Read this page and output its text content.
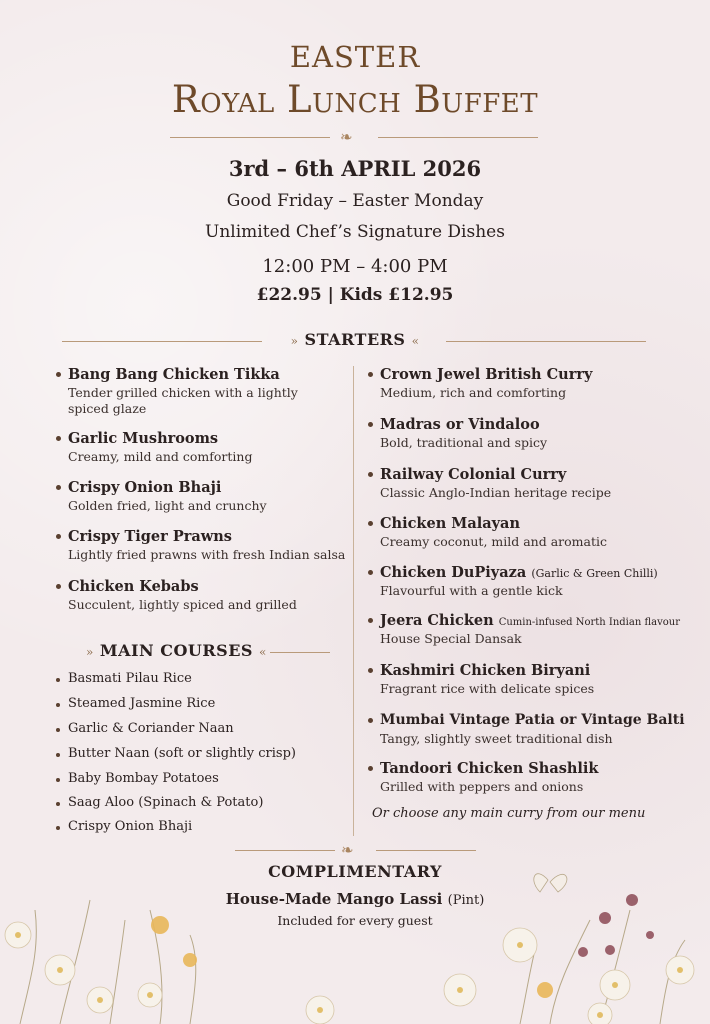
EASTER
Royal Lunch Buffet
❧
3rd – 6th APRIL 2026
Good Friday – Easter Monday
Unlimited Chef’s Signature Dishes
12:00 PM – 4:00 PM
£22.95 | Kids £12.95
» STARTERS «
Bang Bang Chicken Tikka
Tender grilled chicken with a lightly spiced glaze
Garlic Mushrooms
Creamy, mild and comforting
Crispy Onion Bhaji
Golden fried, light and crunchy
Crispy Tiger Prawns
Lightly fried prawns with fresh Indian salsa
Chicken Kebabs
Succulent, lightly spiced and grilled
» MAIN COURSES «
Basmati Pilau Rice
Steamed Jasmine Rice
Garlic & Coriander Naan
Butter Naan (soft or slightly crisp)
Baby Bombay Potatoes
Saag Aloo (Spinach & Potato)
Crispy Onion Bhaji
Crown Jewel British Curry
Medium, rich and comforting
Madras or Vindaloo
Bold, traditional and spicy
Railway Colonial Curry
Classic Anglo-Indian heritage recipe
Chicken Malayan
Creamy coconut, mild and aromatic
Chicken DuPiyaza (Garlic & Green Chilli)
Flavourful with a gentle kick
Jeera Chicken Cumin-infused North Indian flavour
House Special Dansak
Kashmiri Chicken Biryani
Fragrant rice with delicate spices
Mumbai Vintage Patia or Vintage Balti
Tangy, slightly sweet traditional dish
Tandoori Chicken Shashlik
Grilled with peppers and onions
Or choose any main curry from our menu
❧
COMPLIMENTARY
House-Made Mango Lassi (Pint)
Included for every guest
